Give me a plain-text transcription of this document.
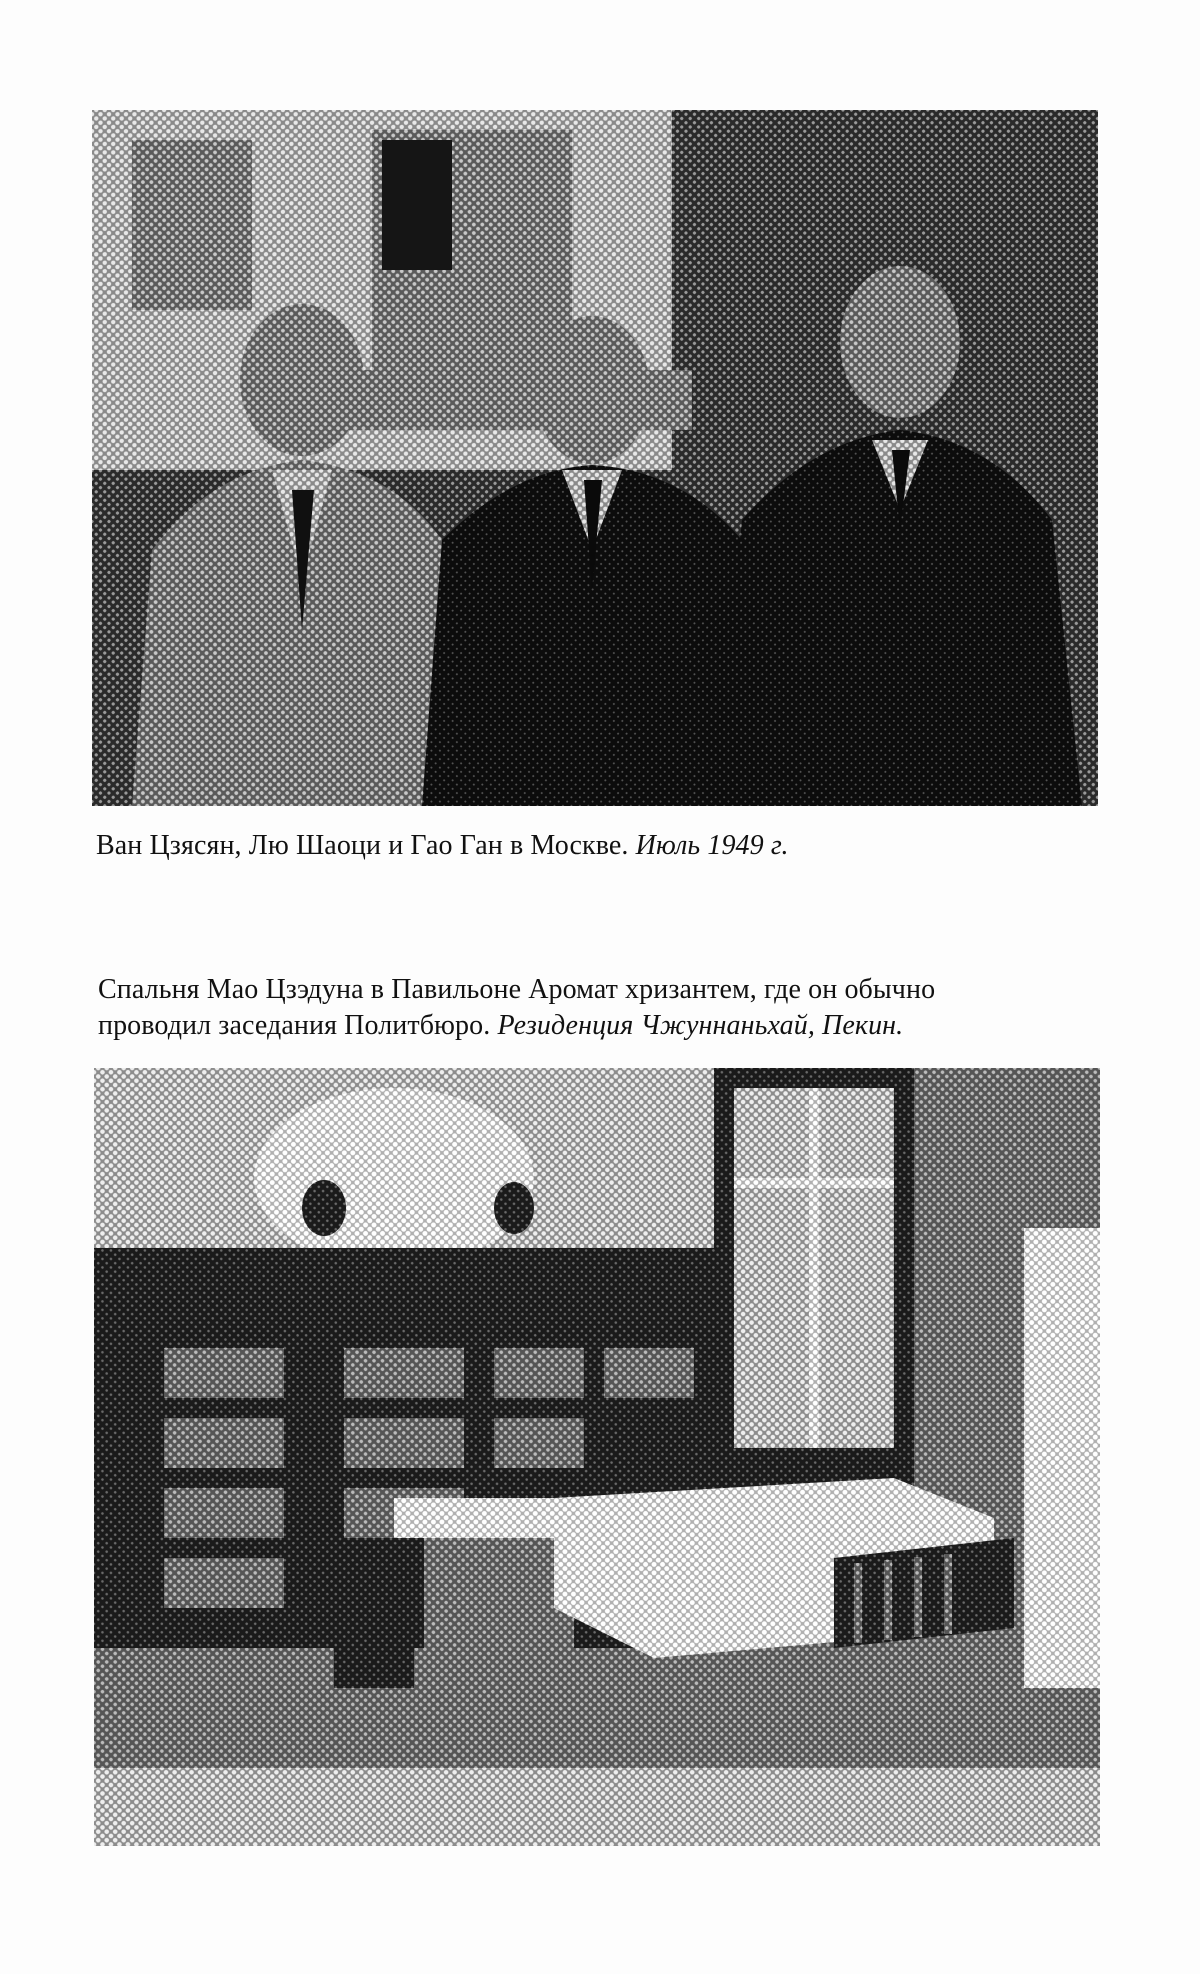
Ван Цзясян, Лю Шаоци и Гао Ган в Москве. Июль 1949 г.
Спальня Мао Цзэдуна в Павильоне Аромат хризантем, где он обычно
проводил заседания Политбюро. Резиденция Чжуннаньхай, Пекин.
